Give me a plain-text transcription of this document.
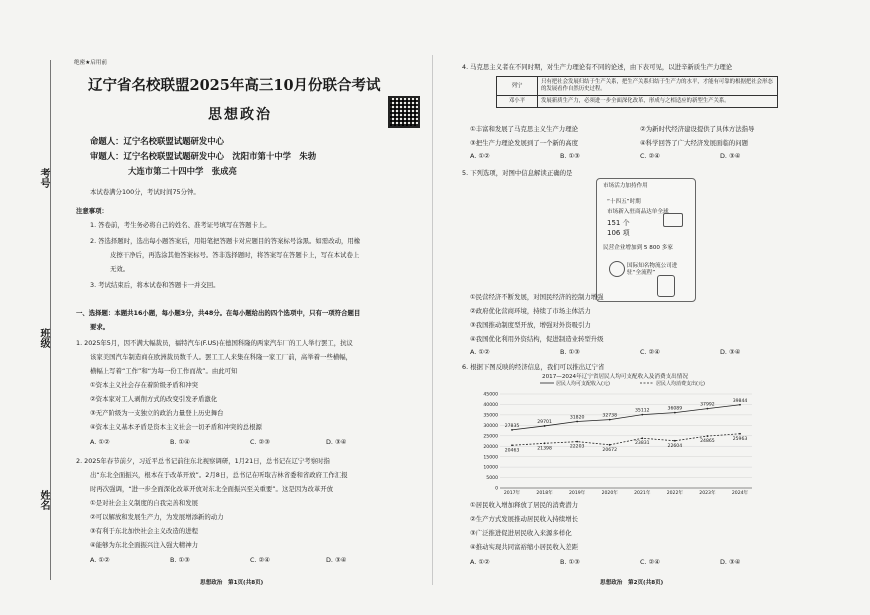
绝密★启用前
辽宁省名校联盟2025年高三10月份联合考试
思想政治
命题人：辽宁名校联盟试题研发中心
审题人：辽宁名校联盟试题研发中心　沈阳市第十中学　朱勃
大连市第二十四中学　张成亮
本试卷满分100分，考试时间75分钟。
注意事项：
1. 答卷前，考生务必将自己的姓名、准考证号填写在答题卡上。
2. 答选择题时，选出每小题答案后，用铅笔把答题卡对应题目的答案标号涂黑。如需改动，用橡
皮擦干净后，再选涂其他答案标号。答非选择题时，将答案写在答题卡上，写在本试卷上
无效。
3. 考试结束后，将本试卷和答题卡一并交回。
一、选择题：本题共16小题，每小题3分，共48分。在每小题给出的四个选项中，只有一项符合题目
要求。
1. 2025年5月，因不满大幅裁员，福特汽车(F.US)在德国科隆的两家汽车厂的工人举行罢工，抗议
该家美国汽车制造商在欧洲裁员数千人。罢工工人来集在科隆一家工厂前，高举着一些横幅，
横幅上写着“工作”和“为每一份工作而战”。由此可知
①资本主义社会存在着阶级矛盾和冲突
②资本家对工人剥削方式的改变引发矛盾激化
③无产阶级为一支独立的政治力量登上历史舞台
④资本主义基本矛盾是资本主义社会一切矛盾和冲突的总根源
A. ①②	B. ①④	C. ②③	D. ③④
2. 2025年春节前夕，习近平总书记前往东北视察调研，1月21日，总书记在辽宁考察时指
出“东北全面振兴，根本在于改革开放”。2月8日，总书记在听取吉林省委和省政府工作汇报
时再次强调，“进一步全面深化改革开放对东北全面振兴至关重要”。这是因为改革开放
①是对社会主义制度的自我完善和发展
②可以解放和发展生产力，为发展增添新的动力
③有利于东北加快社会主义改造的进程
④能够为东北全面振兴注入强大精神力
A. ①②	B. ①③	C. ②④	D. ③④
思想政治　第1页(共8页)
考号
班级
姓名
4. 马克思主义者在不同时期，对生产力理论有不同的论述，由下表可见，以进辛新质生产力理论
列宁	只有把社会发展归结于生产关系，把生产关系归结于生产力的水平，才能有可靠的根据把社会形态的发展看作自然历史过程。
邓小平	发展新质生产力，必须进一步全面深化改革，形成与之相适应的新型生产关系。
①丰富和发展了马克思主义生产力理论	②为新时代经济建设提供了具体方法指导
③把生产力理论发展到了一个新的高度	④科学回答了广大经济发展面临的问题
A. ①②	B. ①③	C. ②④	D. ③④
5. 下列选项，对图中信息解读正确的是
市场活力加持作用
“十四五”时期
市场新入驻商品达单全球
151 个
106 项
民营企业增加到 5 800 多家
国际知名物流公司进驻“全流程”
①民营经济不断发展，对国民经济的控制力增强
②政府优化营商环境，持续了市场主体活力
③我国推动制度型开放，增强对外资吸引力
④我国优化利用外资结构，促进制造业转型升级
A. ①②	B. ①③	C. ②④	D. ③④
6. 根据下图反映的经济信息，我们可以推出辽宁省
2017—2024年辽宁省居民人均可支配收入及消费支出情况
居民人均可支配收入(元)	居民人均消费支出(元)
0
5000
10000
15000
20000
25000
30000
35000
40000
45000
2017年	2018年	2019年	2020年	2021年	2022年	2023年	2024年
27835
29701
31820	32738
35112	36089
37992
39844
20463	21398	22203
20672
23831
22604
24865	25963
①居民收入增加释放了居民的消费潜力
②生产方式发展推动居民收入持续增长
③广泛推进促进居民收入来源多样化
④推动实现共同富裕缩小居民收入差距
A. ①②	B. ①③	C. ②④	D. ③④
思想政治　第2页(共8页)
